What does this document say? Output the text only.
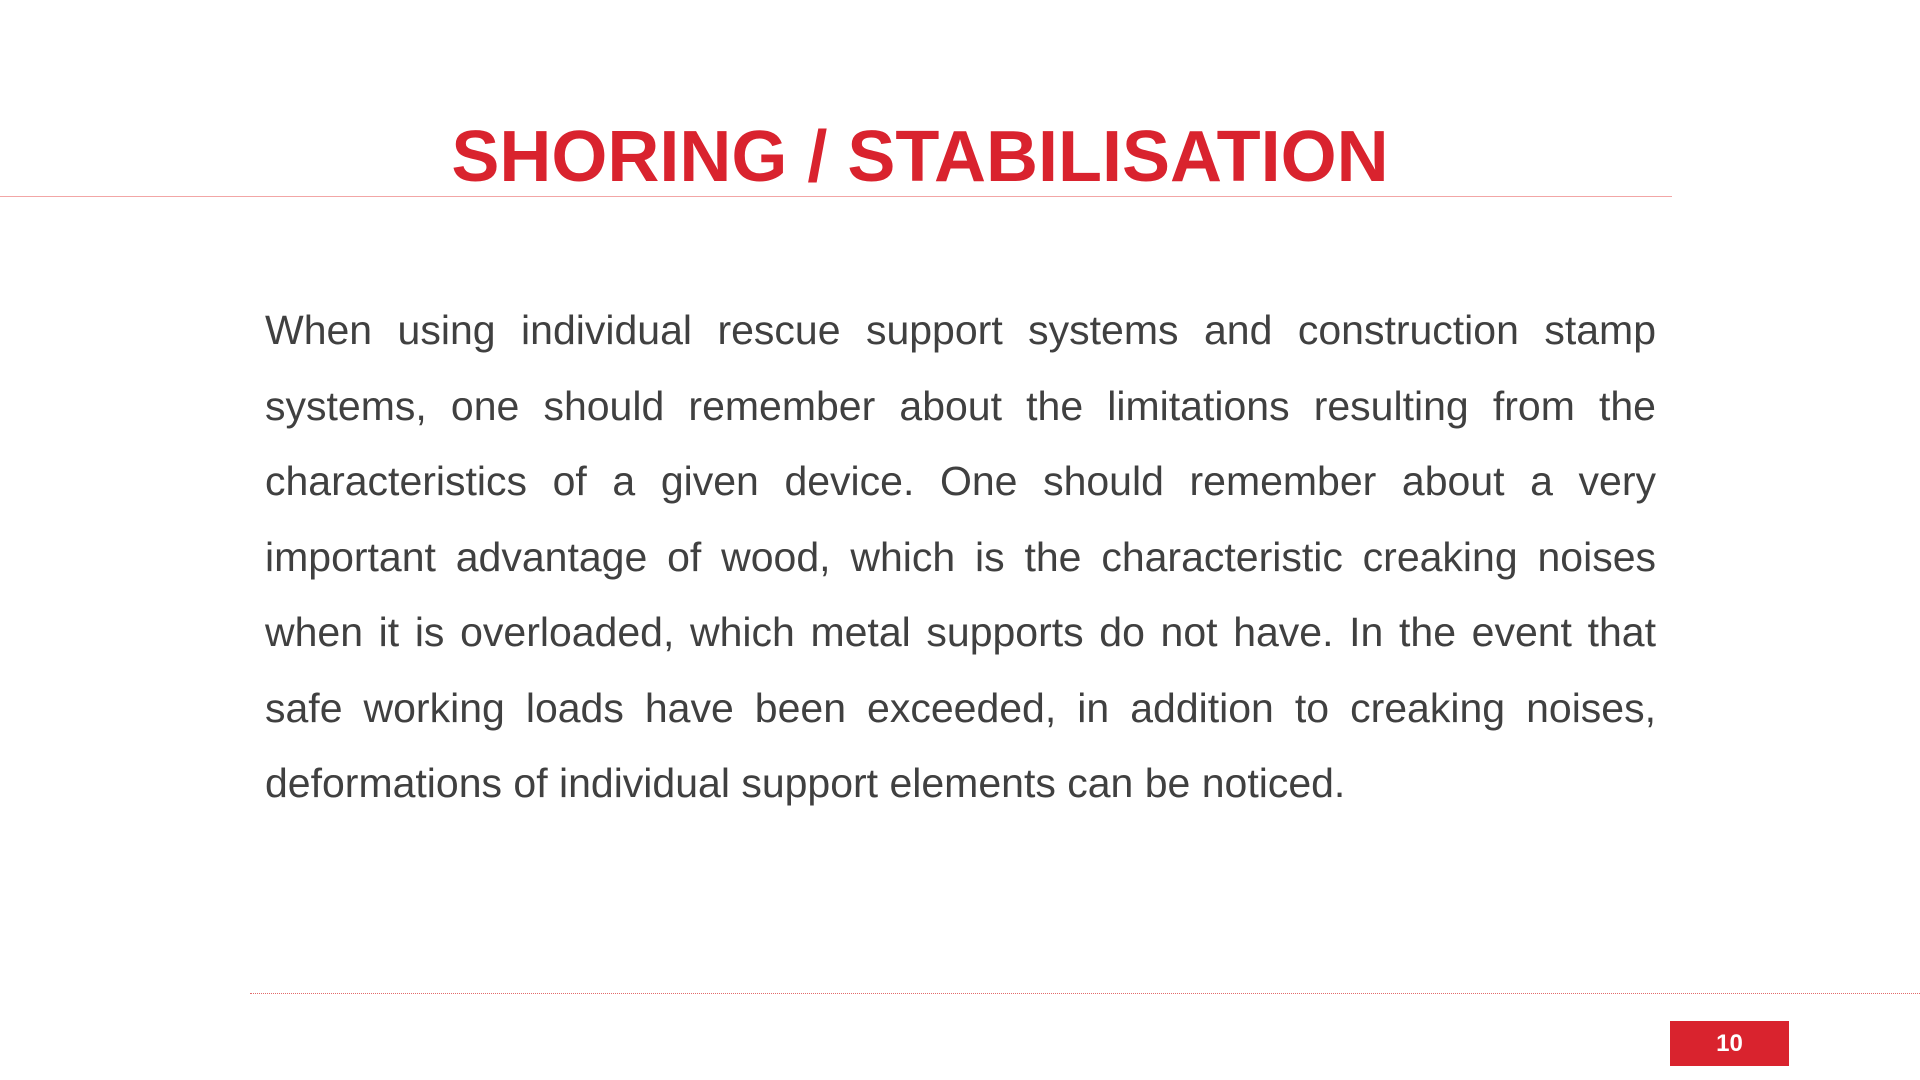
SHORING / STABILISATION

When using individual rescue support systems and construction stamp systems, one should remember about the limitations resulting from the characteristics of a given device. One should remember about a very important advantage of wood, which is the characteristic creaking noises when it is overloaded, which metal supports do not have. In the event that safe working loads have been exceeded, in addition to creaking noises, deformations of individual support elements can be noticed.

10
